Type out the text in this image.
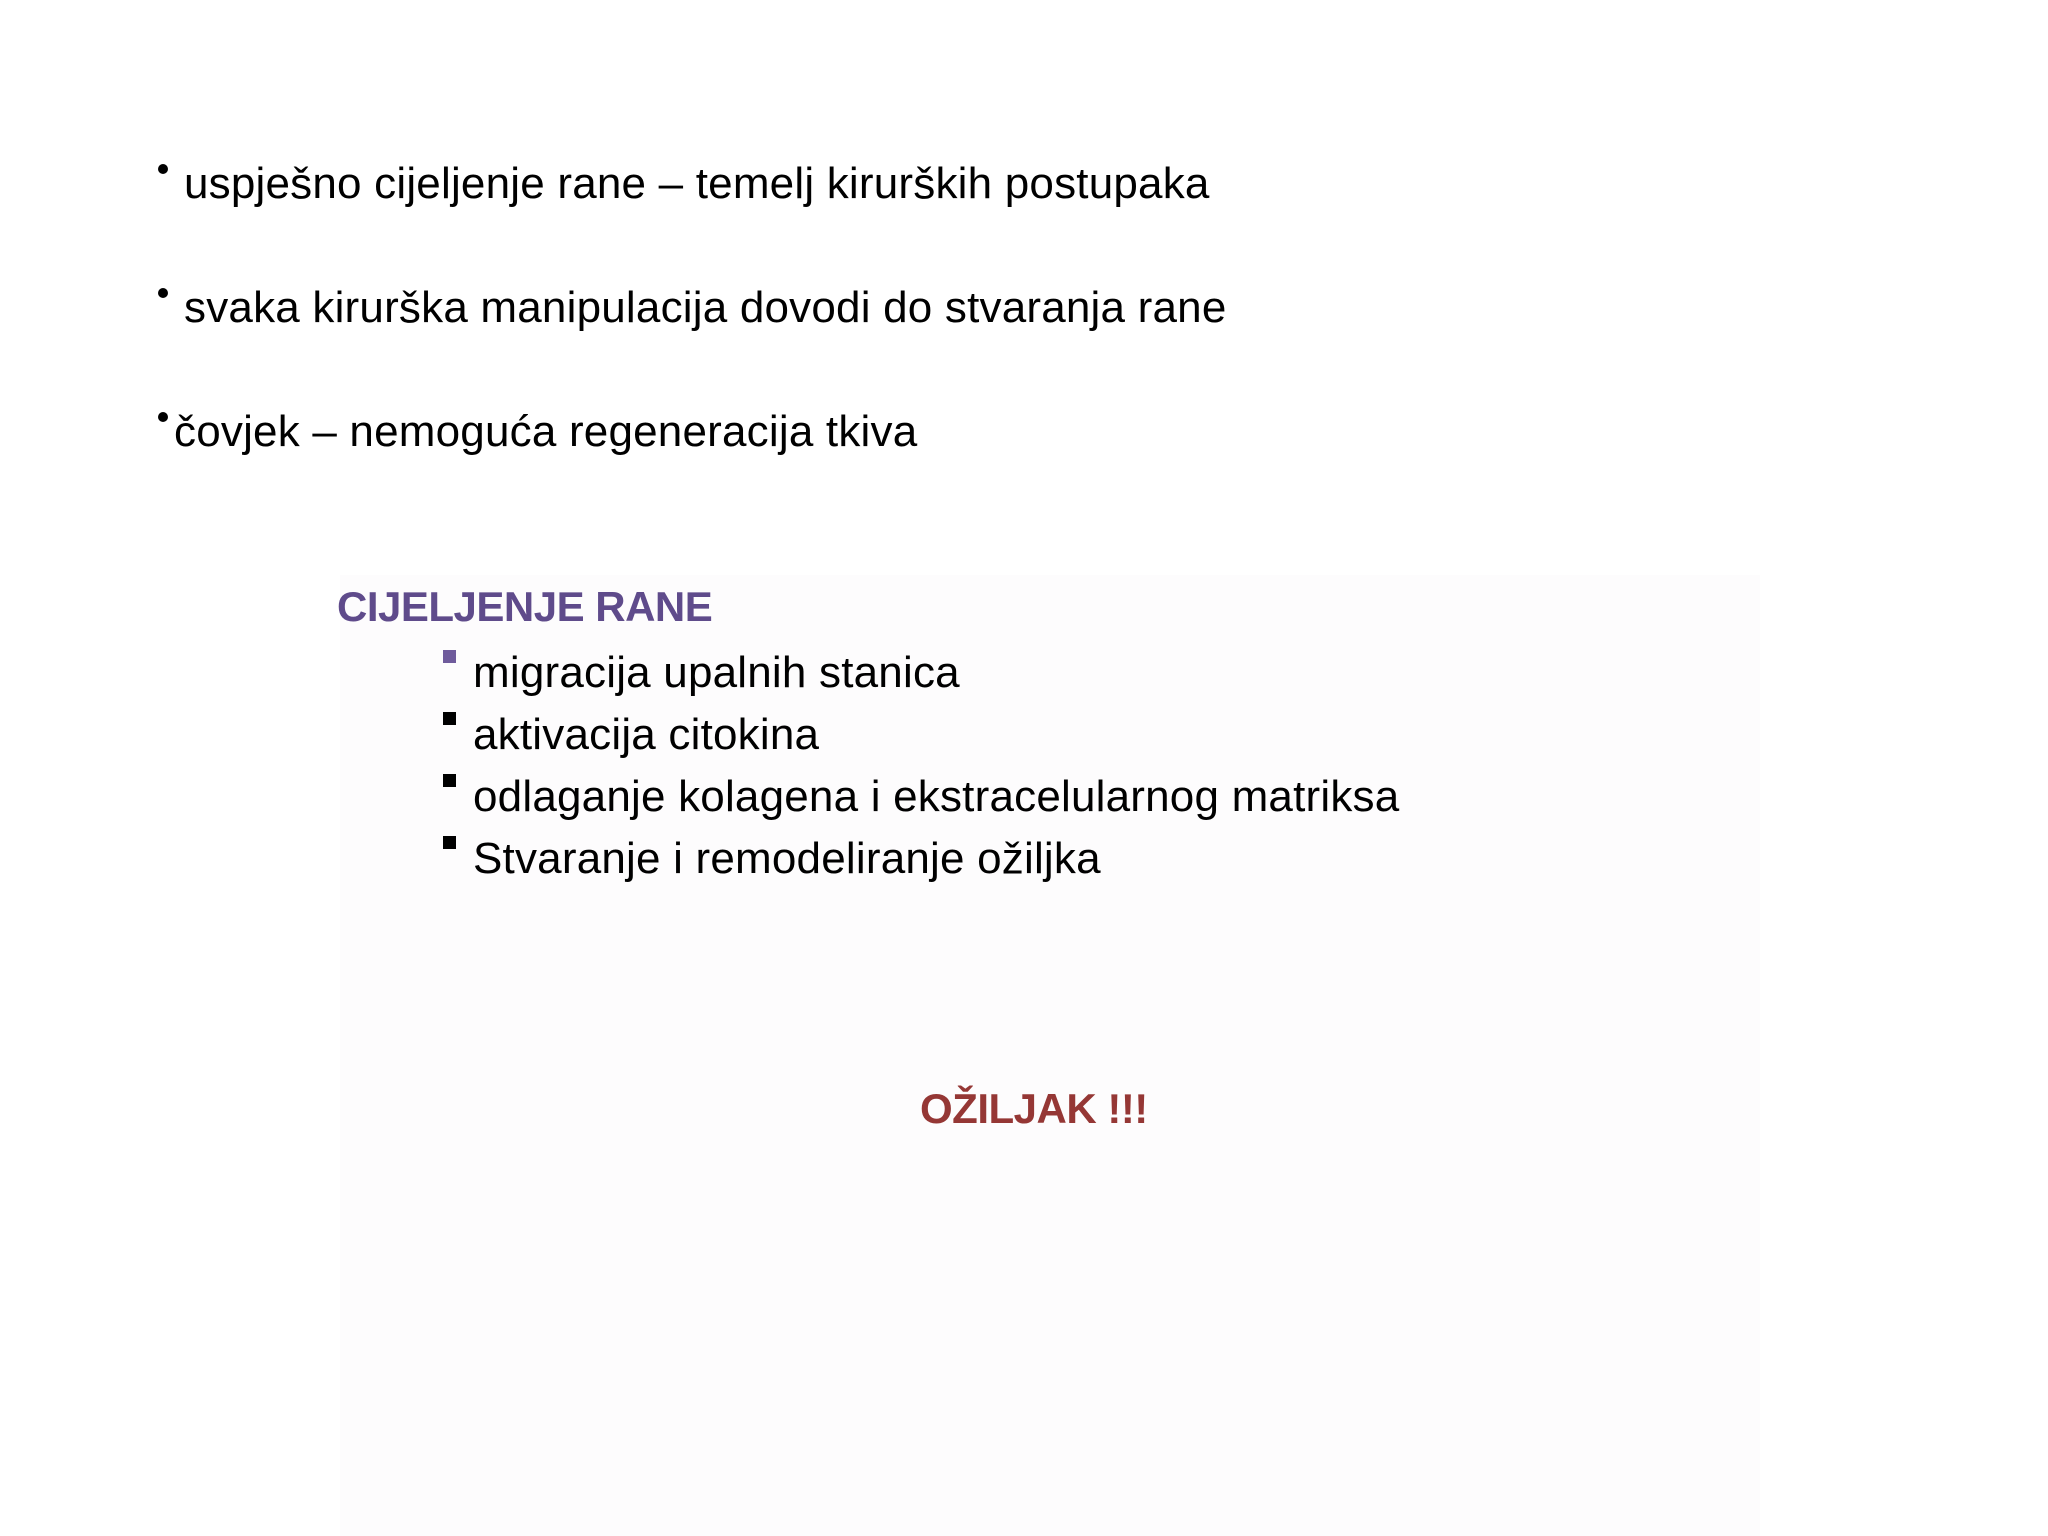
uspješno cijeljenje rane – temelj kirurških postupaka
svaka kirurška manipulacija dovodi do stvaranja rane
čovjek – nemoguća regeneracija tkiva
CIJELJENJE RANE
migracija upalnih stanica
aktivacija citokina
odlaganje kolagena i ekstracelularnog matriksa
Stvaranje i remodeliranje ožiljka
OŽILJAK !!!
